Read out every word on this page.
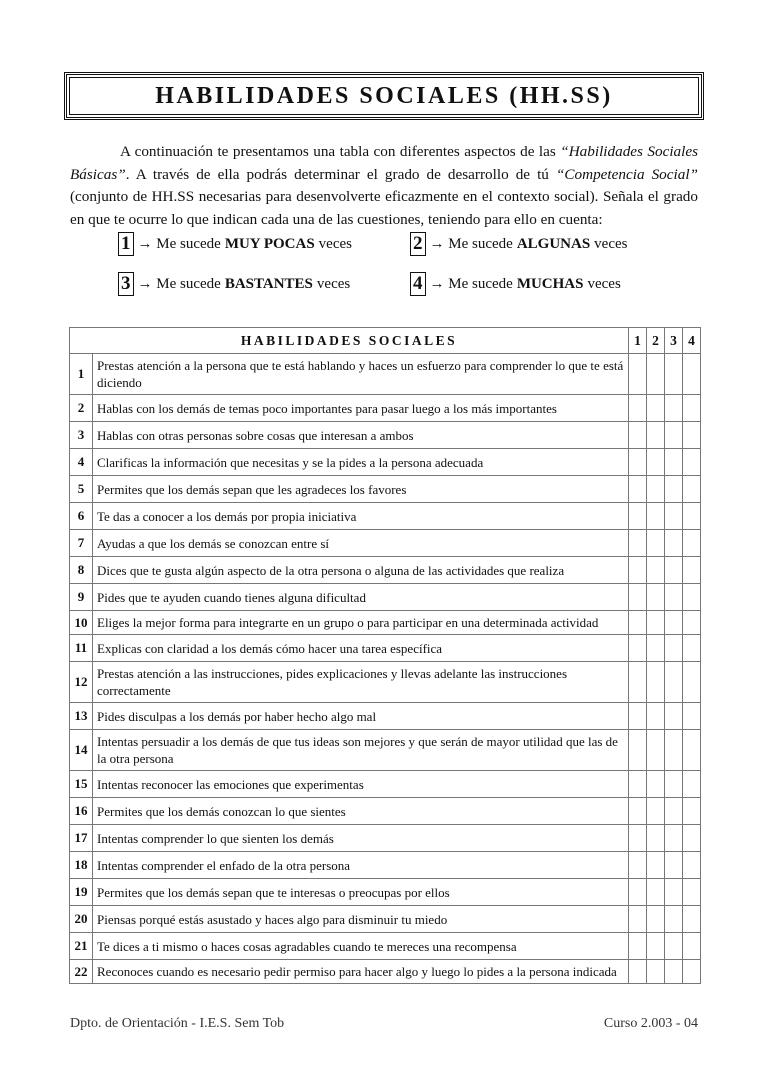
HABILIDADES SOCIALES (HH.SS)

A continuación te presentamos una tabla con diferentes aspectos de las “Habilidades Sociales Básicas”. A través de ella podrás determinar el grado de desarrollo de tú “Competencia Social” (conjunto de HH.SS necesarias para desenvolverte eficazmente en el contexto social). Señala el grado en que te ocurre lo que indican cada una de las cuestiones, teniendo para ello en cuenta:

1 → Me sucede MUY POCAS veces	2 → Me sucede ALGUNAS veces
3 → Me sucede BASTANTES veces	4 → Me sucede MUCHAS veces
HABILIDADES SOCIALES		1	2	3	4
1	Prestas atención a la persona que te está hablando y haces un esfuerzo para comprender lo que te está diciendo				
2	Hablas con los demás de temas poco importantes para pasar luego a los más importantes				
3	Hablas con otras personas sobre cosas que interesan a ambos				
4	Clarificas la información que necesitas y se la pides a la persona adecuada				
5	Permites que los demás sepan que les agradeces los favores				
6	Te das a conocer a los demás por propia iniciativa				
7	Ayudas a que los demás se conozcan entre sí				
8	Dices que te gusta algún aspecto de la otra persona o alguna de las actividades que realiza				
9	Pides que te ayuden cuando tienes alguna dificultad				
10	Eliges la mejor forma para integrarte en un grupo o para participar en una determinada actividad				
11	Explicas con claridad a los demás cómo hacer una tarea específica				
12	Prestas atención a las instrucciones, pides explicaciones y llevas adelante las instrucciones correctamente				
13	Pides disculpas a los demás por haber hecho algo mal				
14	Intentas persuadir a los demás de que tus ideas son mejores y que serán de mayor utilidad que las de la otra persona				
15	Intentas reconocer las emociones que experimentas				
16	Permites que los demás conozcan lo que sientes				
17	Intentas comprender lo que sienten los demás				
18	Intentas comprender el enfado de la otra persona				
19	Permites que los demás sepan que te interesas o preocupas por ellos				
20	Piensas porqué estás asustado y haces algo para disminuir tu miedo				
21	Te dices a ti mismo o haces cosas agradables cuando te mereces una recompensa				
22	Reconoces cuando es necesario pedir permiso para hacer algo y luego lo pides a la persona indicada				
Dpto. de Orientación - I.E.S. Sem Tob	Curso 2.003 - 04
